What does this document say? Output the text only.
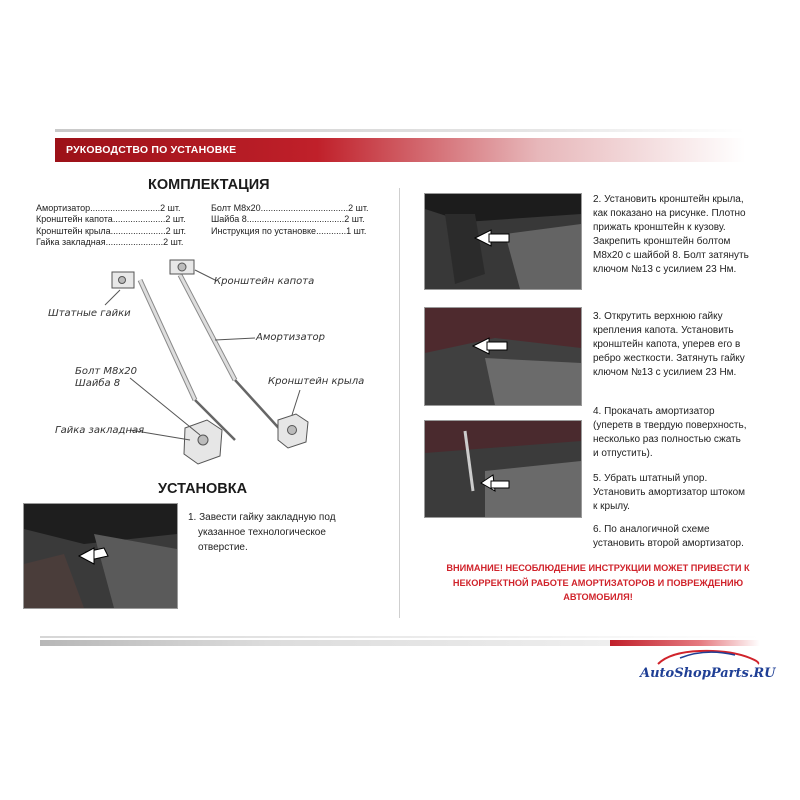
РУКОВОДСТВО ПО УСТАНОВКЕ
КОМПЛЕКТАЦИЯ
Амортизатор............................2 шт.
Кронштейн капота.....................2 шт.
Кронштейн крыла......................2 шт.
Гайка закладная.......................2 шт.
Болт М8х20...................................2 шт.
Шайба 8.......................................2 шт.
Инструкция по установке............1 шт.
Кронштейн капота
Штатные гайки
Амортизатор
Болт М8х20
Шайба 8	Кронштейн крыла
Гайка закладная
УСТАНОВКА
1. Завести гайку закладную под
указанное технологическое
отверстие.
2. Установить кронштейн крыла,
как показано на рисунке. Плотно
прижать кронштейн к кузову.
Закрепить кронштейн болтом
М8х20 с шайбой 8. Болт затянуть
ключом №13 с усилием 23 Нм.
3. Открутить верхнюю гайку
крепления капота. Установить
кронштейн капота, уперев его в
ребро жесткости. Затянуть гайку
ключом №13 с усилием 23 Нм.
4. Прокачать амортизатор
(уперетв в твердую поверхность,
несколько раз полностью сжать
и отпустить).
5. Убрать штатный упор.
Установить амортизатор штоком
к крылу.
6. По аналогичной схеме
установить второй амортизатор.
ВНИМАНИЕ! НЕСОБЛЮДЕНИЕ ИНСТРУКЦИИ МОЖЕТ ПРИВЕСТИ К
НЕКОРРЕКТНОЙ РАБОТЕ АМОРТИЗАТОРОВ И ПОВРЕЖДЕНИЮ
АВТОМОБИЛЯ!
AutoShopParts.RU
